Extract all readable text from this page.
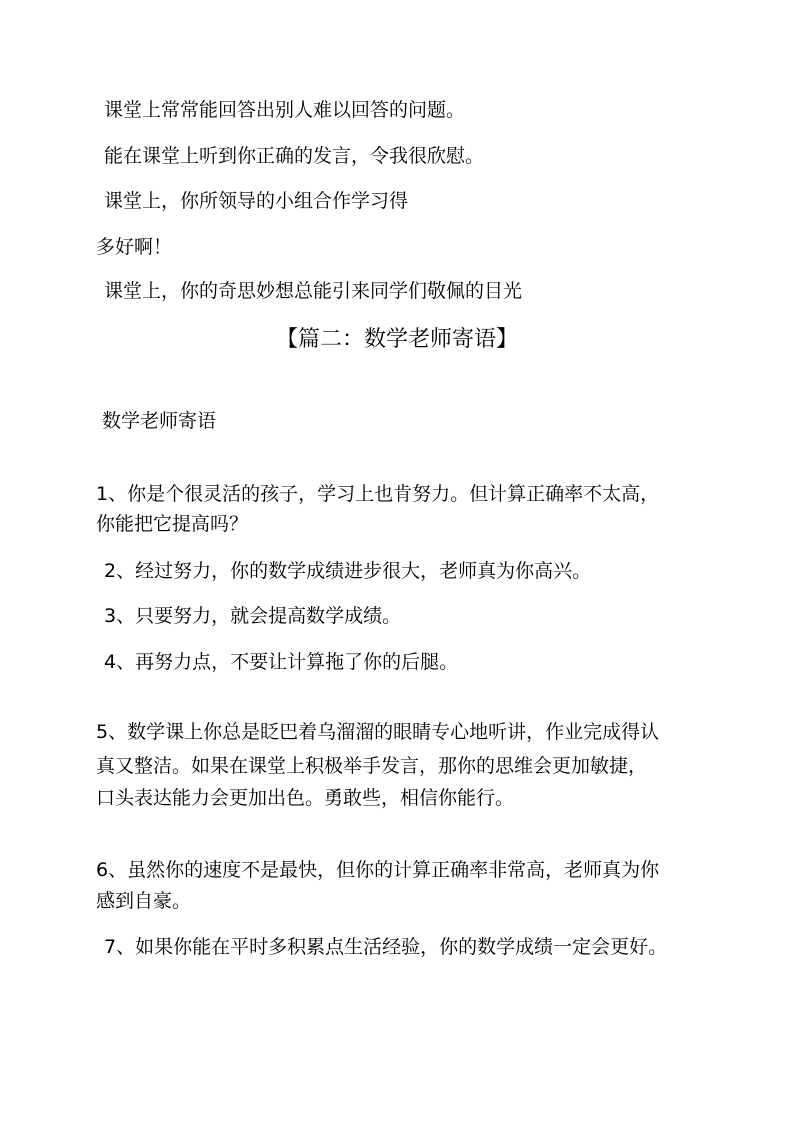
课堂上常常能回答出别人难以回答的问题。
能在课堂上听到你正确的发言，令我很欣慰。
课堂上，你所领导的小组合作学习得
多好啊！
课堂上，你的奇思妙想总能引来同学们敬佩的目光
【篇二：数学老师寄语】
数学老师寄语
1、你是个很灵活的孩子，学习上也肯努力。但计算正确率不太高，
你能把它提高吗？
2、经过努力，你的数学成绩进步很大，老师真为你高兴。
3、只要努力，就会提高数学成绩。
4、再努力点，不要让计算拖了你的后腿。
5、数学课上你总是眨巴着乌溜溜的眼睛专心地听讲，作业完成得认
真又整洁。如果在课堂上积极举手发言，那你的思维会更加敏捷，
口头表达能力会更加出色。勇敢些，相信你能行。
6、虽然你的速度不是最快，但你的计算正确率非常高，老师真为你
感到自豪。
7、如果你能在平时多积累点生活经验，你的数学成绩一定会更好。
